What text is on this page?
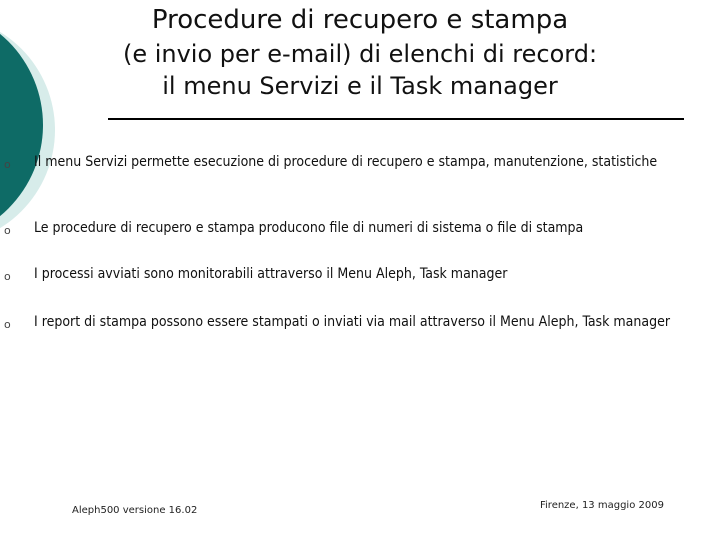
Procedure di recupero e stampa
(e invio per e-mail) di elenchi di record:
il menu Servizi e il Task manager
o Il menu Servizi permette esecuzione di procedure di recupero e stampa, manutenzione, statistiche
o Le procedure di recupero e stampa producono file di numeri di sistema o file di stampa
o I processi avviati sono monitorabili attraverso il Menu Aleph, Task manager
o I report di stampa possono essere stampati o inviati via mail attraverso il Menu Aleph, Task manager
Aleph500 versione 16.02	Firenze, 13 maggio 2009
